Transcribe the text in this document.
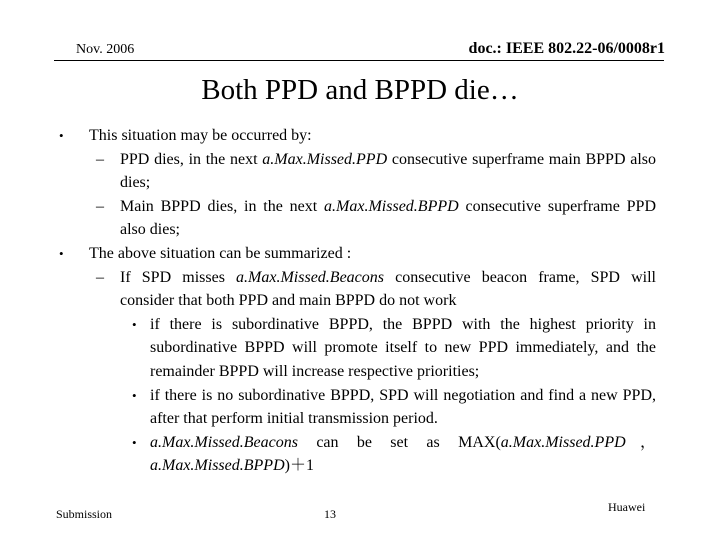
Nov. 2006	doc.: IEEE 802.22-06/0008r1
Both PPD and BPPD die…
• This situation may be occurred by:
– PPD dies, in the next a.Max.Missed.PPD consecutive superframe main BPPD also dies;
– Main BPPD dies, in the next a.Max.Missed.BPPD consecutive superframe PPD also dies;
• The above situation can be summarized :
– If SPD misses a.Max.Missed.Beacons consecutive beacon frame, SPD will consider that both PPD and main BPPD do not work
• if there is subordinative BPPD, the BPPD with the highest priority in subordinative BPPD will promote itself to new PPD immediately, and the remainder BPPD will increase respective priorities;
• if there is no subordinative BPPD, SPD will negotiation and find a new PPD, after that perform initial transmission period.
• a.Max.Missed.Beacons can be set as MAX(a.Max.Missed.PPD，a.Max.Missed.BPPD)＋1
Submission	13	Huawei
